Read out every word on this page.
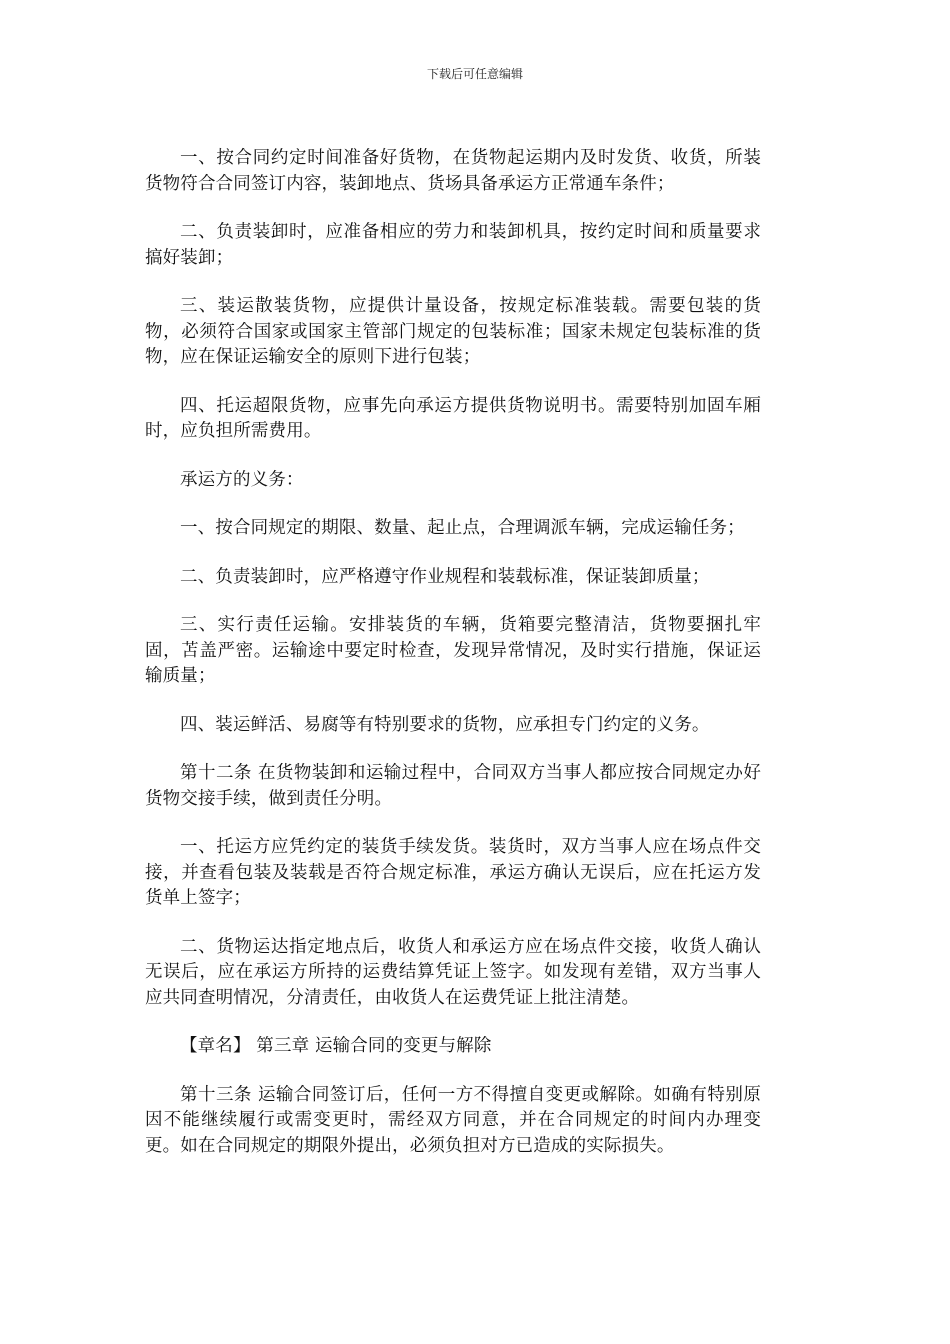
下载后可任意编辑

一、按合同约定时间准备好货物，在货物起运期内及时发货、收货，所装货物符合合同签订内容，装卸地点、货场具备承运方正常通车条件；

二、负责装卸时，应准备相应的劳力和装卸机具，按约定时间和质量要求搞好装卸；

三、装运散装货物，应提供计量设备，按规定标准装载。需要包装的货物，必须符合国家或国家主管部门规定的包装标准；国家未规定包装标准的货物，应在保证运输安全的原则下进行包装；

四、托运超限货物，应事先向承运方提供货物说明书。需要特别加固车厢时，应负担所需费用。

承运方的义务：

一、按合同规定的期限、数量、起止点，合理调派车辆，完成运输任务；

二、负责装卸时，应严格遵守作业规程和装载标准，保证装卸质量；

三、实行责任运输。安排装货的车辆，货箱要完整清洁，货物要捆扎牢固，苫盖严密。运输途中要定时检查，发现异常情况，及时实行措施，保证运输质量；

四、装运鲜活、易腐等有特别要求的货物，应承担专门约定的义务。

第十二条 在货物装卸和运输过程中，合同双方当事人都应按合同规定办好货物交接手续，做到责任分明。

一、托运方应凭约定的装货手续发货。装货时，双方当事人应在场点件交接，并查看包装及装载是否符合规定标准，承运方确认无误后，应在托运方发货单上签字；

二、货物运达指定地点后，收货人和承运方应在场点件交接，收货人确认无误后，应在承运方所持的运费结算凭证上签字。如发现有差错，双方当事人应共同查明情况，分清责任，由收货人在运费凭证上批注清楚。

【章名】 第三章 运输合同的变更与解除

第十三条 运输合同签订后，任何一方不得擅自变更或解除。如确有特别原因不能继续履行或需变更时，需经双方同意，并在合同规定的时间内办理变更。如在合同规定的期限外提出，必须负担对方已造成的实际损失。
